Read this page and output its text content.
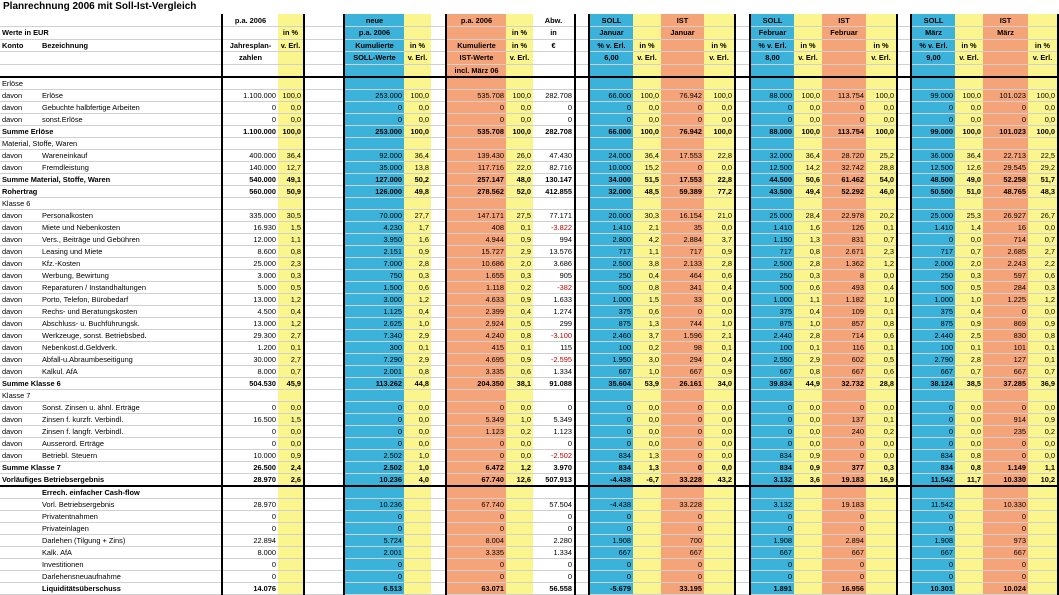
Planrechnung 2006 mit Soll-Ist-Vergleich
		p.a. 2006			neue			p.a. 2006		Abw.		SOLL		IST			SOLL		IST			SOLL		IST	
Werte in EUR			in %		p.a. 2006				in %	in		Januar		Januar			Februar		Februar			März		März	
Konto	Bezeichnung	Jahresplan-	v. Erl.		Kumulierte	in %		Kumulierte	in %	€		% v. Erl.	in %		in %		% v. Erl.	in %		in %		% v. Erl.	in %		in %
		zahlen			SOLL-Werte	v. Erl.		IST-Werte	v. Erl.			6,00	v. Erl.		v. Erl.		8,00	v. Erl.		v. Erl.		9,00	v. Erl.		v. Erl.
								incl. März 06																	
Erlöse																									
davon	Erlöse	1.100.000	100,0		253.000	100,0		535.708	100,0	282.708		66.000	100,0	76.942	100,0		88.000	100,0	113.754	100,0		99.000	100,0	101.023	100,0
davon	Gebuchte halbfertige Arbeiten	0	0,0		0	0,0		0	0,0	0		0	0,0	0	0,0		0	0,0	0	0,0		0	0,0	0	0,0
davon	sonst.Erlöse	0	0,0		0	0,0		0	0,0	0		0	0,0	0	0,0		0	0,0	0	0,0		0	0,0	0	0,0
Summe Erlöse		1.100.000	100,0		253.000	100,0		535.708	100,0	282.708		66.000	100,0	76.942	100,0		88.000	100,0	113.754	100,0		99.000	100,0	101.023	100,0
Material, Stoffe, Waren																									
davon	Wareneinkauf	400.000	36,4		92.000	36,4		139.430	26,0	47.430		24.000	36,4	17.553	22,8		32.000	36,4	28.720	25,2		36.000	36,4	22.713	22,5
davon	Fremdleistung	140.000	12,7		35.000	13,8		117.716	22,0	82.716		10.000	15,2	0	0,0		12.500	14,2	32.742	28,8		12.500	12,6	29.545	29,2
Summe Material, Stoffe, Waren		540.000	49,1		127.000	50,2		257.147	48,0	130.147		34.000	51,5	17.553	22,8		44.500	50,6	61.462	54,0		48.500	49,0	52.258	51,7
Rohertrag		560.000	50,9		126.000	49,8		278.562	52,0	412.855		32.000	48,5	59.389	77,2		43.500	49,4	52.292	46,0		50.500	51,0	48.765	48,3
Klasse 6																									
davon	Personalkosten	335.000	30,5		70.000	27,7		147.171	27,5	77.171		20.000	30,3	16.154	21,0		25.000	28,4	22.978	20,2		25.000	25,3	26.927	26,7
davon	Miete und Nebenkosten	16.930	1,5		4.230	1,7		408	0,1	-3.822		1.410	2,1	35	0,0		1.410	1,6	126	0,1		1.410	1,4	16	0,0
davon	Vers., Beiträge und Gebühren	12.000	1,1		3.950	1,6		4.944	0,9	994		2.800	4,2	2.884	3,7		1.150	1,3	831	0,7		0	0,0	714	0,7
davon	Leasing und Miete	8.600	0,8		2.151	0,9		15.727	2,9	13.576		717	1,1	717	0,9		717	0,8	2.671	2,3		717	0,7	2.685	2,7
davon	Kfz.-Kosten	25.000	2,3		7.000	2,8		10.686	2,0	3.686		2.500	3,8	2.133	2,8		2.500	2,8	1.362	1,2		2.000	2,0	2.243	2,2
davon	Werbung, Bewirtung	3.000	0,3		750	0,3		1.655	0,3	905		250	0,4	464	0,6		250	0,3	8	0,0		250	0,3	597	0,6
davon	Reparaturen / Instandhaltungen	5.000	0,5		1.500	0,6		1.118	0,2	-382		500	0,8	341	0,4		500	0,6	493	0,4		500	0,5	284	0,3
davon	Porto, Telefon, Bürobedarf	13.000	1,2		3.000	1,2		4.633	0,9	1.633		1.000	1,5	33	0,0		1.000	1,1	1.182	1,0		1.000	1,0	1.225	1,2
davon	Rechs- und Beratungskosten	4.500	0,4		1.125	0,4		2.399	0,4	1.274		375	0,6	0	0,0		375	0,4	109	0,1		375	0,4	0	0,0
davon	Abschluss- u. Buchführungsk.	13.000	1,2		2.625	1,0		2.924	0,5	299		875	1,3	744	1,0		875	1,0	857	0,8		875	0,9	869	0,9
davon	Werkzeuge, sonst. Betriebsbed.	29.300	2,7		7.340	2,9		4.240	0,8	-3.100		2.460	3,7	1.596	2,1		2.440	2,8	714	0,6		2.440	2,5	830	0,8
davon	Nebenkost.d.Geldverk.	1.200	0,1		300	0,1		415	0,1	115		100	0,2	98	0,1		100	0,1	116	0,1		100	0,1	101	0,1
davon	Abfall-u.Abraumbeseitigung	30.000	2,7		7.290	2,9		4.695	0,9	-2.595		1.950	3,0	294	0,4		2.550	2,9	602	0,5		2.790	2,8	127	0,1
davon	Kalkul. AfA	8.000	0,7		2.001	0,8		3.335	0,6	1.334		667	1,0	667	0,9		667	0,8	667	0,6		667	0,7	667	0,7
Summe Klasse 6		504.530	45,9		113.262	44,8		204.350	38,1	91.088		35.604	53,9	26.161	34,0		39.834	44,9	32.732	28,8		38.124	38,5	37.285	36,9
Klasse 7																									
davon	Sonst. Zinsen u. ähnl. Erträge	0	0,0		0	0,0		0	0,0	0		0	0,0	0	0,0		0	0,0	0	0,0		0	0,0	0	0,0
davon	Zinsen f. kurzfr. Verbindl.	16.500	1,5		0	0,0		5.349	1,0	5.349		0	0,0	0	0,0		0	0,0	137	0,1		0	0,0	914	0,9
davon	Zinsen f. langfr. Verbindl.	0	0,0		0	0,0		1.123	0,2	1.123		0	0,0	0	0,0		0	0,0	240	0,2		0	0,0	235	0,2
davon	Ausserord. Erträge	0	0,0		0	0,0		0	0,0	0		0	0,0	0	0,0		0	0,0	0	0,0		0	0,0	0	0,0
davon	Betriebl. Steuern	10.000	0,9		2.502	1,0		0	0,0	-2.502		834	1,3	0	0,0		834	0,9	0	0,0		834	0,8	0	0,0
Summe Klasse 7		26.500	2,4		2.502	1,0		6.472	1,2	3.970		834	1,3	0	0,0		834	0,9	377	0,3		834	0,8	1.149	1,1
Vorläufiges Betriebsergebnis		28.970	2,6		10.236	4,0		67.740	12,6	507.913		-4.438	-6,7	33.228	43,2		3.132	3,6	19.183	16,9		11.542	11,7	10.330	10,2
	Errech. einfacher Cash-flow																								
	Vorl. Betriebsergebnis	28.970			10.236			67.740		57.504		-4.438		33.228			3.132		19.183			11.542		10.330	
	Privatentnahmen	0			0			0		0		0		0			0		0			0		0	
	Privateinlagen	0			0			0		0		0		0			0		0			0		0	
	Darlehen (Tilgung + Zins)	22.894			5.724			8.004		2.280		1.908		700			1.908		2.894			1.908		973	
	Kalk. AfA	8.000			2.001			3.335		1.334		667		667			667		667			667		667	
	Investitionen	0			0			0		0		0		0			0		0			0		0	
	Darlehensneuaufnahme	0			0			0		0		0		0			0		0			0		0	
	Liquiditätsüberschuss	14.076			6.513			63.071		56.558		-5.679		33.195			1.891		16.956			10.301		10.024	
